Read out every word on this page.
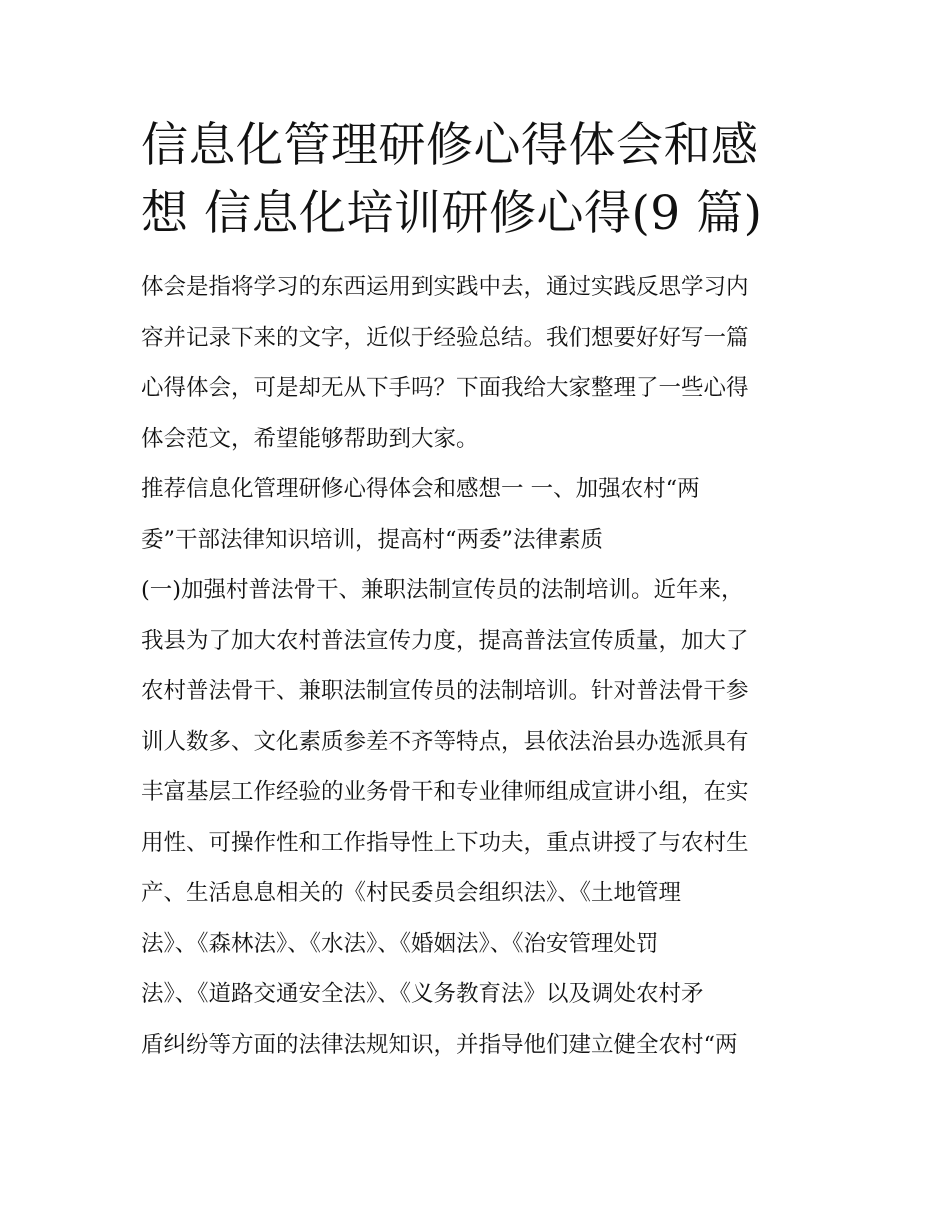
信息化管理研修心得体会和感
想 信息化培训研修心得(9 篇)

体会是指将学习的东西运用到实践中去，通过实践反思学习内
容并记录下来的文字，近似于经验总结。我们想要好好写一篇
心得体会，可是却无从下手吗？下面我给大家整理了一些心得
体会范文，希望能够帮助到大家。

推荐信息化管理研修心得体会和感想一 一、加强农村“两
委”干部法律知识培训，提高村“两委”法律素质

(一)加强村普法骨干、兼职法制宣传员的法制培训。近年来，
我县为了加大农村普法宣传力度，提高普法宣传质量，加大了
农村普法骨干、兼职法制宣传员的法制培训。针对普法骨干参
训人数多、文化素质参差不齐等特点，县依法治县办选派具有
丰富基层工作经验的业务骨干和专业律师组成宣讲小组，在实
用性、可操作性和工作指导性上下功夫，重点讲授了与农村生
产、生活息息相关的《村民委员会组织法》、《土地管理
法》、《森林法》、《水法》、《婚姻法》、《治安管理处罚
法》、《道路交通安全法》、《义务教育法》以及调处农村矛
盾纠纷等方面的法律法规知识，并指导他们建立健全农村“两
